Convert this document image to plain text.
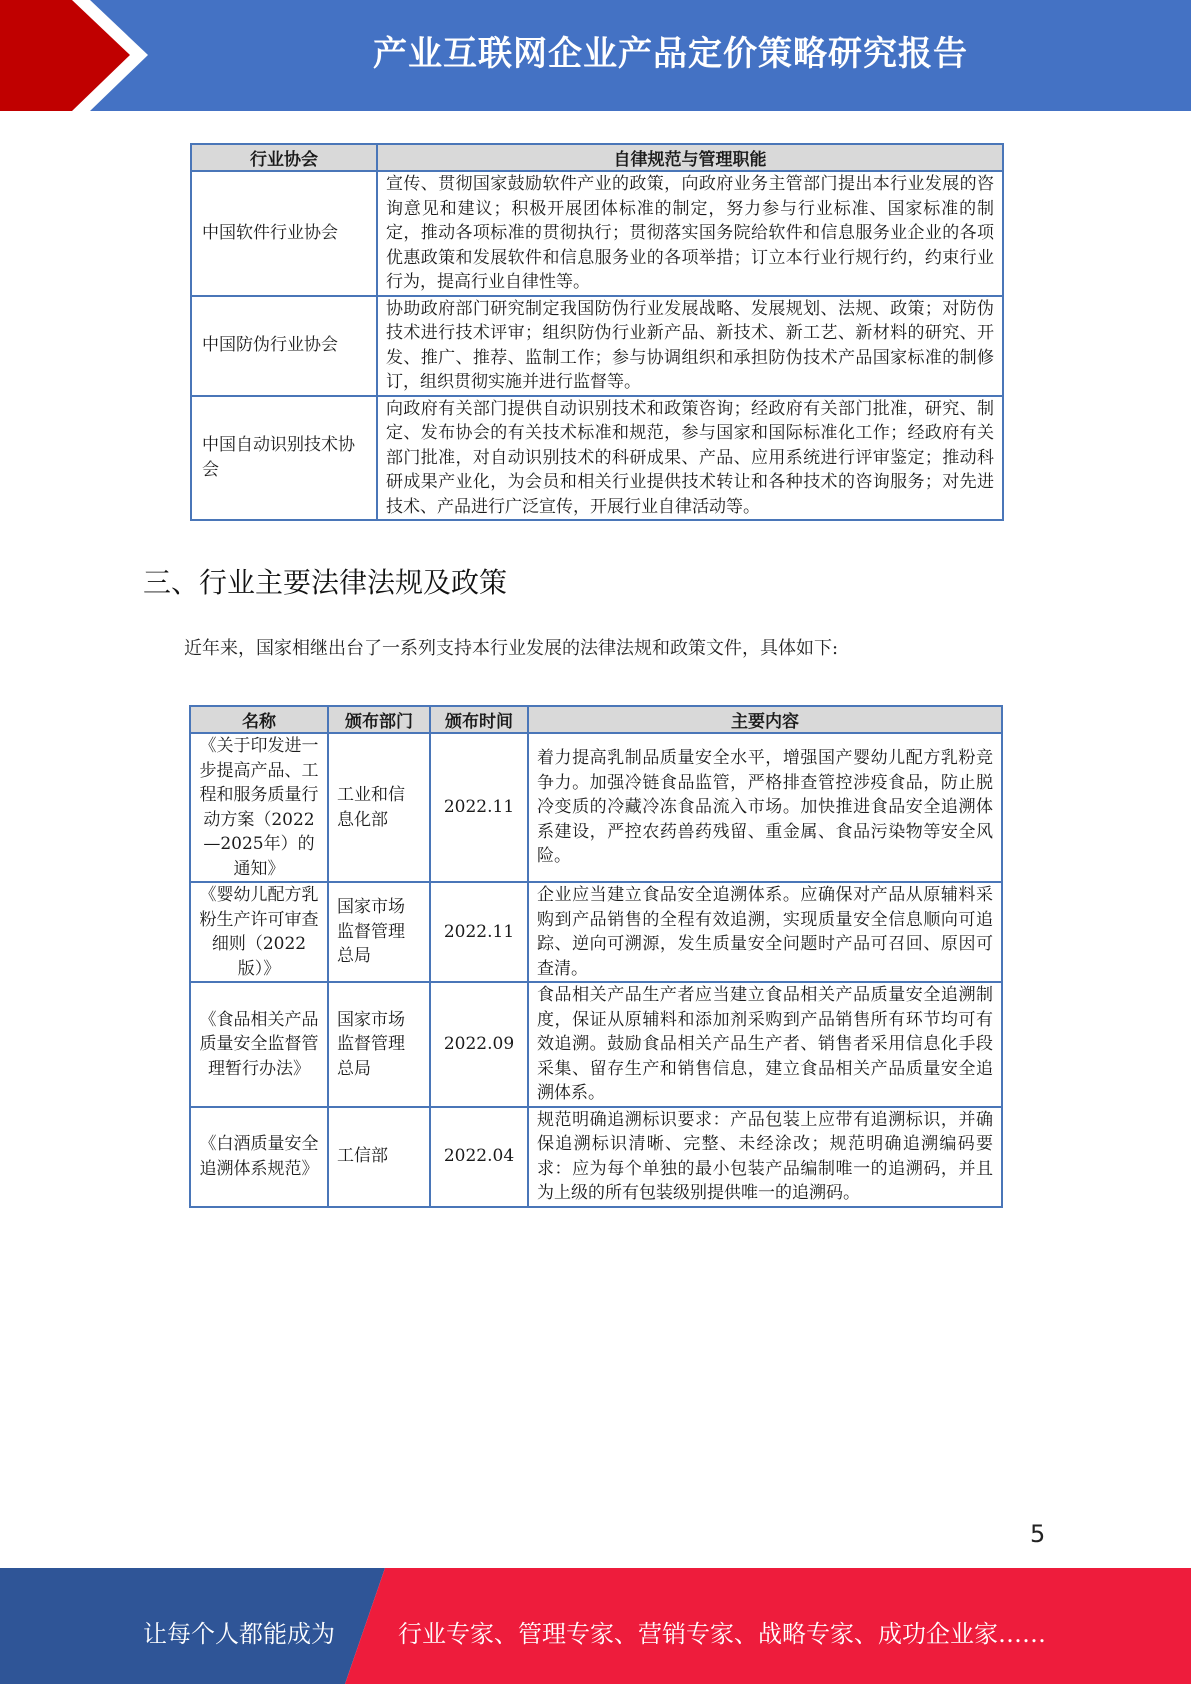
产业互联网企业产品定价策略研究报告
行业协会	自律规范与管理职能
中国软件行业协会	宣传、贯彻国家鼓励软件产业的政策，向政府业务主管部门提出本行业发展的咨询意见和建议；积极开展团体标准的制定，努力参与行业标准、国家标准的制定，推动各项标准的贯彻执行；贯彻落实国务院给软件和信息服务业企业的各项优惠政策和发展软件和信息服务业的各项举措；订立本行业行规行约，约束行业行为，提高行业自律性等。
中国防伪行业协会	协助政府部门研究制定我国防伪行业发展战略、发展规划、法规、政策；对防伪技术进行技术评审；组织防伪行业新产品、新技术、新工艺、新材料的研究、开发、推广、推荐、监制工作；参与协调组织和承担防伪技术产品国家标准的制修订，组织贯彻实施并进行监督等。
中国自动识别技术协会	向政府有关部门提供自动识别技术和政策咨询；经政府有关部门批准，研究、制定、发布协会的有关技术标准和规范，参与国家和国际标准化工作；经政府有关部门批准，对自动识别技术的科研成果、产品、应用系统进行评审鉴定；推动科研成果产业化，为会员和相关行业提供技术转让和各种技术的咨询服务；对先进技术、产品进行广泛宣传，开展行业自律活动等。
三、行业主要法律法规及政策
近年来，国家相继出台了一系列支持本行业发展的法律法规和政策文件，具体如下:
名称	颁布部门	颁布时间	主要内容
《关于印发进一步提高产品、工程和服务质量行动方案（2022—2025年）的通知》	工业和信息化部	2022.11	着力提高乳制品质量安全水平，增强国产婴幼儿配方乳粉竞争力。加强冷链食品监管，严格排查管控涉疫食品，防止脱冷变质的冷藏冷冻食品流入市场。加快推进食品安全追溯体系建设，严控农药兽药残留、重金属、食品污染物等安全风险。
《婴幼儿配方乳粉生产许可审查细则（2022版）》	国家市场监督管理总局	2022.11	企业应当建立食品安全追溯体系。应确保对产品从原辅料采购到产品销售的全程有效追溯，实现质量安全信息顺向可追踪、逆向可溯源，发生质量安全问题时产品可召回、原因可查清。
《食品相关产品质量安全监督管理暂行办法》	国家市场监督管理总局	2022.09	食品相关产品生产者应当建立食品相关产品质量安全追溯制度，保证从原辅料和添加剂采购到产品销售所有环节均可有效追溯。鼓励食品相关产品生产者、销售者采用信息化手段采集、留存生产和销售信息，建立食品相关产品质量安全追溯体系。
《白酒质量安全追溯体系规范》	工信部	2022.04	规范明确追溯标识要求：产品包装上应带有追溯标识，并确保追溯标识清晰、完整、未经涂改；规范明确追溯编码要求：应为每个单独的最小包装产品编制唯一的追溯码，并且为上级的所有包装级别提供唯一的追溯码。
5
让每个人都能成为	行业专家、管理专家、营销专家、战略专家、成功企业家……
